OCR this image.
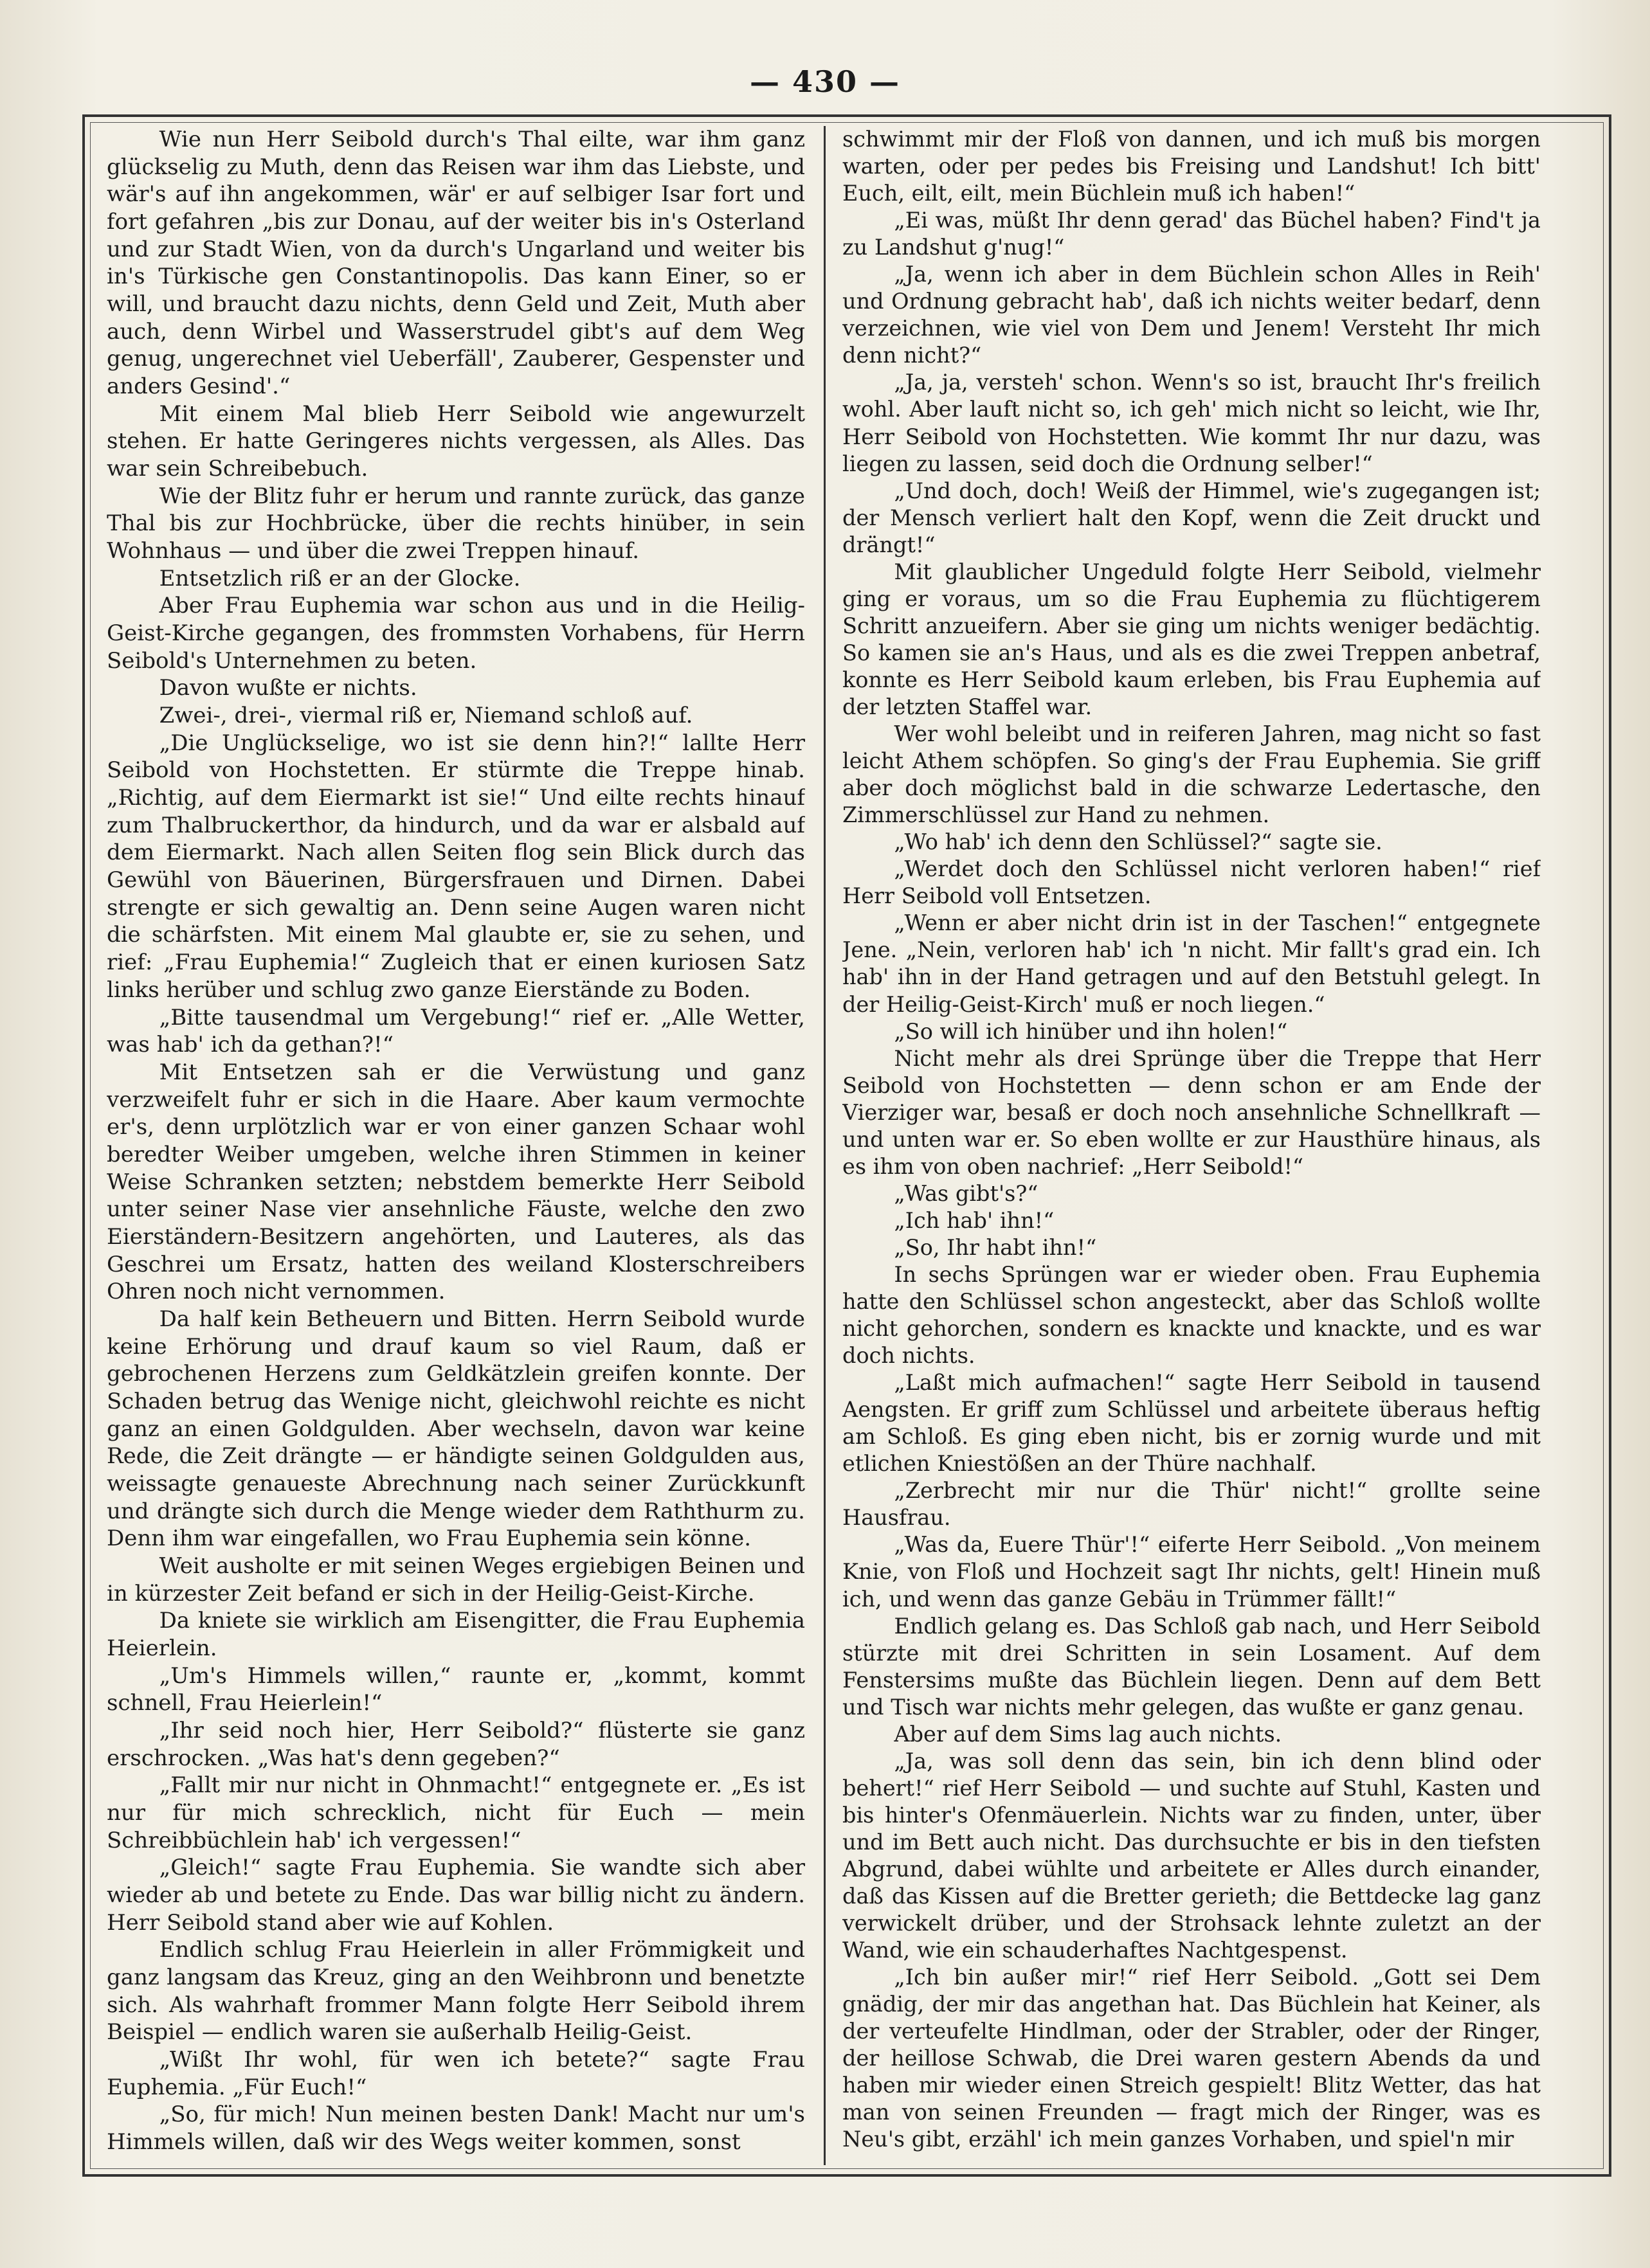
— 430 —

Wie nun Herr Seibold durch's Thal eilte, war ihm ganz glückselig zu Muth, denn das Reisen war ihm das Liebste, und wär's auf ihn angekommen, wär' er auf selbiger Isar fort und fort gefahren „bis zur Donau, auf der weiter bis in's Osterland und zur Stadt Wien, von da durch's Ungarland und weiter bis in's Türkische gen Constantinopolis. Das kann Einer, so er will, und braucht dazu nichts, denn Geld und Zeit, Muth aber auch, denn Wirbel und Wasserstrudel gibt's auf dem Weg genug, ungerechnet viel Ueberfäll', Zauberer, Gespenster und anders Gesind'.“

Mit einem Mal blieb Herr Seibold wie angewurzelt stehen. Er hatte Geringeres nichts vergessen, als Alles. Das war sein Schreibebuch.

Wie der Blitz fuhr er herum und rannte zurück, das ganze Thal bis zur Hochbrücke, über die rechts hinüber, in sein Wohnhaus — und über die zwei Treppen hinauf.

Entsetzlich riß er an der Glocke.

Aber Frau Euphemia war schon aus und in die Heilig-Geist-Kirche gegangen, des frommsten Vorhabens, für Herrn Seibold's Unternehmen zu beten.

Davon wußte er nichts.

Zwei-, drei-, viermal riß er, Niemand schloß auf.

„Die Unglückselige, wo ist sie denn hin?!“ lallte Herr Seibold von Hochstetten. Er stürmte die Treppe hinab. „Richtig, auf dem Eiermarkt ist sie!“ Und eilte rechts hinauf zum Thalbruckerthor, da hindurch, und da war er alsbald auf dem Eiermarkt. Nach allen Seiten flog sein Blick durch das Gewühl von Bäuerinen, Bürgersfrauen und Dirnen. Dabei strengte er sich gewaltig an. Denn seine Augen waren nicht die schärfsten. Mit einem Mal glaubte er, sie zu sehen, und rief: „Frau Euphemia!“ Zugleich that er einen kuriosen Satz links herüber und schlug zwo ganze Eierstände zu Boden.

„Bitte tausendmal um Vergebung!“ rief er. „Alle Wetter, was hab' ich da gethan?!“

Mit Entsetzen sah er die Verwüstung und ganz verzweifelt fuhr er sich in die Haare. Aber kaum vermochte er's, denn urplötzlich war er von einer ganzen Schaar wohl beredter Weiber umgeben, welche ihren Stimmen in keiner Weise Schranken setzten; nebstdem bemerkte Herr Seibold unter seiner Nase vier ansehnliche Fäuste, welche den zwo Eierständern-Besitzern angehörten, und Lauteres, als das Geschrei um Ersatz, hatten des weiland Klosterschreibers Ohren noch nicht vernommen.

Da half kein Betheuern und Bitten. Herrn Seibold wurde keine Erhörung und drauf kaum so viel Raum, daß er gebrochenen Herzens zum Geldkätzlein greifen konnte. Der Schaden betrug das Wenige nicht, gleichwohl reichte es nicht ganz an einen Goldgulden. Aber wechseln, davon war keine Rede, die Zeit drängte — er händigte seinen Goldgulden aus, weissagte genaueste Abrechnung nach seiner Zurückkunft und drängte sich durch die Menge wieder dem Raththurm zu. Denn ihm war eingefallen, wo Frau Euphemia sein könne.

Weit ausholte er mit seinen Weges ergiebigen Beinen und in kürzester Zeit befand er sich in der Heilig-Geist-Kirche.

Da kniete sie wirklich am Eisengitter, die Frau Euphemia Heierlein.

„Um's Himmels willen,“ raunte er, „kommt, kommt schnell, Frau Heierlein!“

„Ihr seid noch hier, Herr Seibold?“ flüsterte sie ganz erschrocken. „Was hat's denn gegeben?“

„Fallt mir nur nicht in Ohnmacht!“ entgegnete er. „Es ist nur für mich schrecklich, nicht für Euch — mein Schreibbüchlein hab' ich vergessen!“

„Gleich!“ sagte Frau Euphemia. Sie wandte sich aber wieder ab und betete zu Ende. Das war billig nicht zu ändern. Herr Seibold stand aber wie auf Kohlen.

Endlich schlug Frau Heierlein in aller Frömmigkeit und ganz langsam das Kreuz, ging an den Weihbronn und benetzte sich. Als wahrhaft frommer Mann folgte Herr Seibold ihrem Beispiel — endlich waren sie außerhalb Heilig-Geist.

„Wißt Ihr wohl, für wen ich betete?“ sagte Frau Euphemia. „Für Euch!“

„So, für mich! Nun meinen besten Dank! Macht nur um's Himmels willen, daß wir des Wegs weiter kommen, sonst

schwimmt mir der Floß von dannen, und ich muß bis morgen warten, oder per pedes bis Freising und Landshut! Ich bitt' Euch, eilt, eilt, mein Büchlein muß ich haben!“

„Ei was, müßt Ihr denn gerad' das Büchel haben? Find't ja zu Landshut g'nug!“

„Ja, wenn ich aber in dem Büchlein schon Alles in Reih' und Ordnung gebracht hab', daß ich nichts weiter bedarf, denn verzeichnen, wie viel von Dem und Jenem! Versteht Ihr mich denn nicht?“

„Ja, ja, versteh' schon. Wenn's so ist, braucht Ihr's freilich wohl. Aber lauft nicht so, ich geh' mich nicht so leicht, wie Ihr, Herr Seibold von Hochstetten. Wie kommt Ihr nur dazu, was liegen zu lassen, seid doch die Ordnung selber!“

„Und doch, doch! Weiß der Himmel, wie's zugegangen ist; der Mensch verliert halt den Kopf, wenn die Zeit druckt und drängt!“

Mit glaublicher Ungeduld folgte Herr Seibold, vielmehr ging er voraus, um so die Frau Euphemia zu flüchtigerem Schritt anzueifern. Aber sie ging um nichts weniger bedächtig. So kamen sie an's Haus, und als es die zwei Treppen anbetraf, konnte es Herr Seibold kaum erleben, bis Frau Euphemia auf der letzten Staffel war.

Wer wohl beleibt und in reiferen Jahren, mag nicht so fast leicht Athem schöpfen. So ging's der Frau Euphemia. Sie griff aber doch möglichst bald in die schwarze Ledertasche, den Zimmerschlüssel zur Hand zu nehmen.

„Wo hab' ich denn den Schlüssel?“ sagte sie.

„Werdet doch den Schlüssel nicht verloren haben!“ rief Herr Seibold voll Entsetzen.

„Wenn er aber nicht drin ist in der Taschen!“ entgegnete Jene. „Nein, verloren hab' ich 'n nicht. Mir fallt's grad ein. Ich hab' ihn in der Hand getragen und auf den Betstuhl gelegt. In der Heilig-Geist-Kirch' muß er noch liegen.“

„So will ich hinüber und ihn holen!“

Nicht mehr als drei Sprünge über die Treppe that Herr Seibold von Hochstetten — denn schon er am Ende der Vierziger war, besaß er doch noch ansehnliche Schnellkraft — und unten war er. So eben wollte er zur Hausthüre hinaus, als es ihm von oben nachrief: „Herr Seibold!“

„Was gibt's?“

„Ich hab' ihn!“

„So, Ihr habt ihn!“

In sechs Sprüngen war er wieder oben. Frau Euphemia hatte den Schlüssel schon angesteckt, aber das Schloß wollte nicht gehorchen, sondern es knackte und knackte, und es war doch nichts.

„Laßt mich aufmachen!“ sagte Herr Seibold in tausend Aengsten. Er griff zum Schlüssel und arbeitete überaus heftig am Schloß. Es ging eben nicht, bis er zornig wurde und mit etlichen Kniestößen an der Thüre nachhalf.

„Zerbrecht mir nur die Thür' nicht!“ grollte seine Hausfrau.

„Was da, Euere Thür'!“ eiferte Herr Seibold. „Von meinem Knie, von Floß und Hochzeit sagt Ihr nichts, gelt! Hinein muß ich, und wenn das ganze Gebäu in Trümmer fällt!“

Endlich gelang es. Das Schloß gab nach, und Herr Seibold stürzte mit drei Schritten in sein Losament. Auf dem Fenstersims mußte das Büchlein liegen. Denn auf dem Bett und Tisch war nichts mehr gelegen, das wußte er ganz genau.

Aber auf dem Sims lag auch nichts.

„Ja, was soll denn das sein, bin ich denn blind oder behert!“ rief Herr Seibold — und suchte auf Stuhl, Kasten und bis hinter's Ofenmäuerlein. Nichts war zu finden, unter, über und im Bett auch nicht. Das durchsuchte er bis in den tiefsten Abgrund, dabei wühlte und arbeitete er Alles durch einander, daß das Kissen auf die Bretter gerieth; die Bettdecke lag ganz verwickelt drüber, und der Strohsack lehnte zuletzt an der Wand, wie ein schauderhaftes Nachtgespenst.

„Ich bin außer mir!“ rief Herr Seibold. „Gott sei Dem gnädig, der mir das angethan hat. Das Büchlein hat Keiner, als der verteufelte Hindlman, oder der Strabler, oder der Ringer, der heillose Schwab, die Drei waren gestern Abends da und haben mir wieder einen Streich gespielt! Blitz Wetter, das hat man von seinen Freunden — fragt mich der Ringer, was es Neu's gibt, erzähl' ich mein ganzes Vorhaben, und spiel'n mir
